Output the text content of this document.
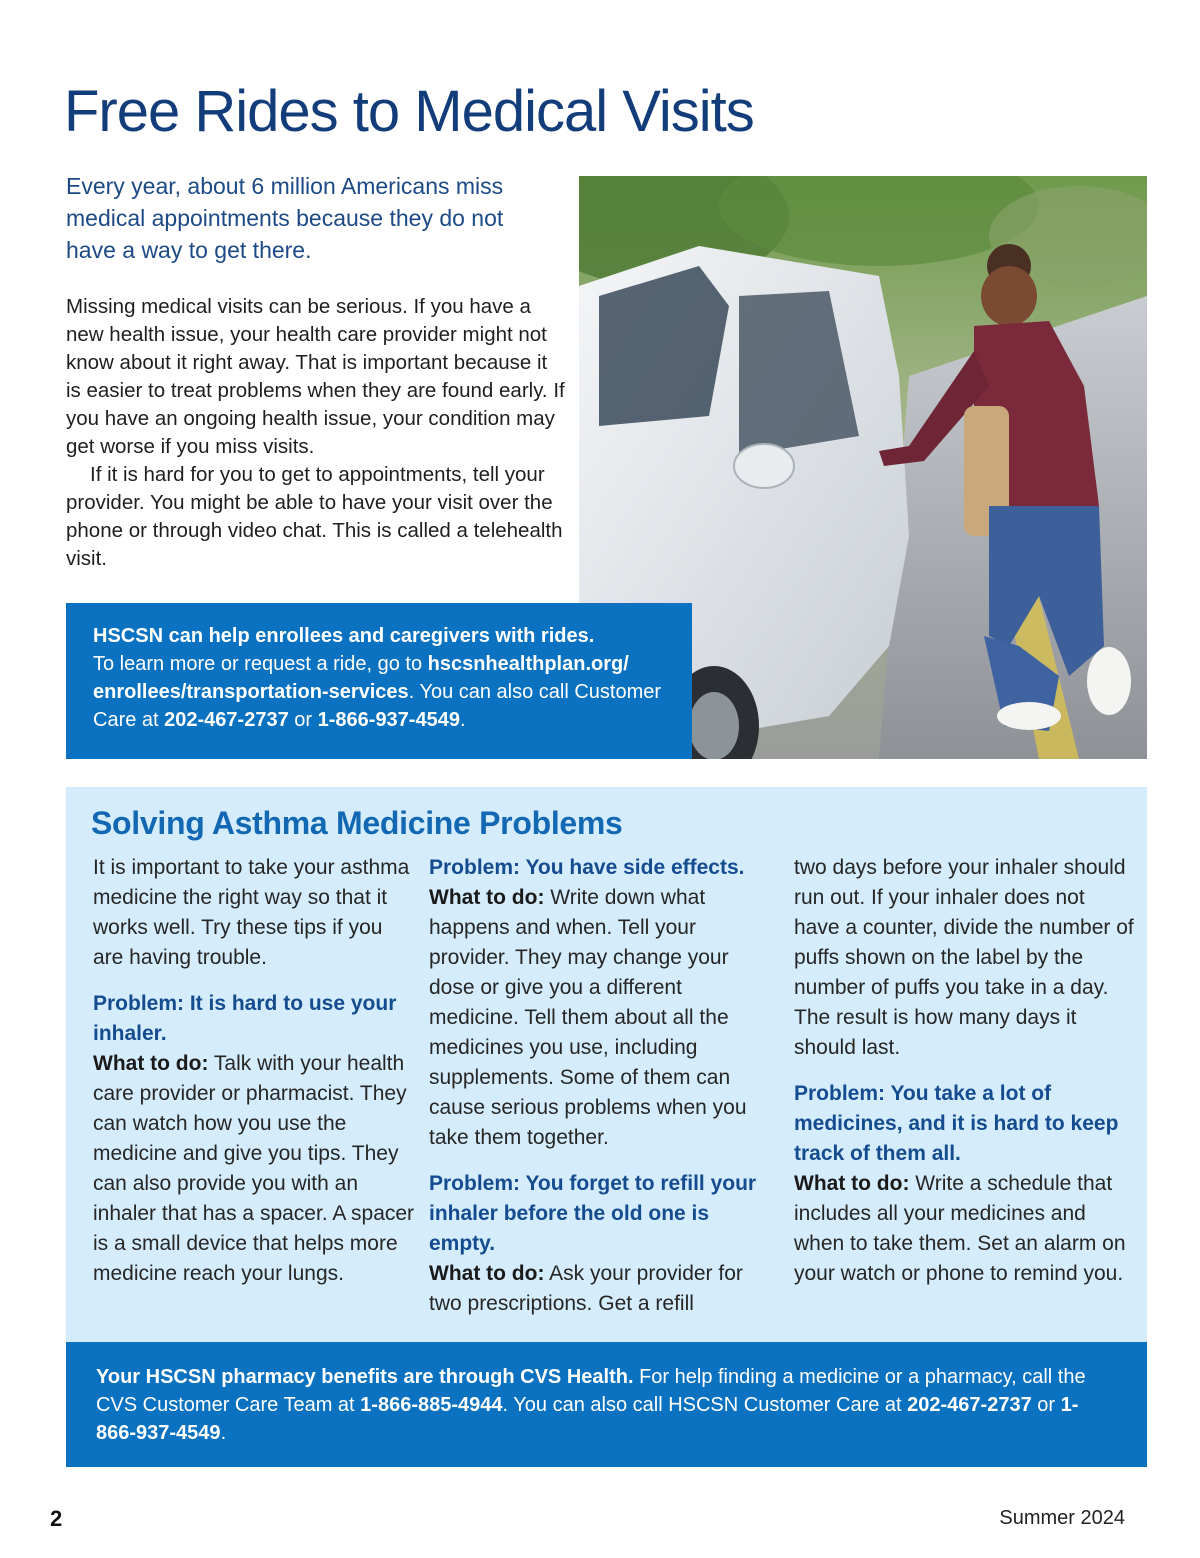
Free Rides to Medical Visits

Every year, about 6 million Americans miss medical appointments because they do not have a way to get there.

Missing medical visits can be serious. If you have a new health issue, your health care provider might not know about it right away. That is important because it is easier to treat problems when they are found early. If you have an ongoing health issue, your condition may get worse if you miss visits.

If it is hard for you to get to appointments, tell your provider. You might be able to have your visit over the phone or through video chat. This is called a telehealth visit.

HSCSN can help enrollees and caregivers with rides.
To learn more or request a ride, go to hscsnhealthplan.org/ enrollees/transportation-services. You can also call Customer Care at 202-467-2737 or 1-866-937-4549.
Solving Asthma Medicine Problems

It is important to take your asthma medicine the right way so that it works well. Try these tips if you are having trouble.

Problem: It is hard to use your inhaler.

What to do: Talk with your health care provider or pharmacist. They can watch how you use the medicine and give you tips. They can also provide you with an inhaler that has a spacer. A spacer is a small device that helps more medicine reach your lungs.

Problem: You have side effects.

What to do: Write down what happens and when. Tell your provider. They may change your dose or give you a different medicine. Tell them about all the medicines you use, including supplements. Some of them can cause serious problems when you take them together.

Problem: You forget to refill your inhaler before the old one is empty.

What to do: Ask your provider for two prescriptions. Get a refill

two days before your inhaler should run out. If your inhaler does not have a counter, divide the number of puffs shown on the label by the number of puffs you take in a day. The result is how many days it should last.

Problem: You take a lot of medicines, and it is hard to keep track of them all.

What to do: Write a schedule that includes all your medicines and when to take them. Set an alarm on your watch or phone to remind you.

Your HSCSN pharmacy benefits are through CVS Health. For help finding a medicine or a pharmacy, call the CVS Customer Care Team at 1-866-885-4944. You can also call HSCSN Customer Care at 202-467-2737 or 1-866-937-4549.
2	Summer 2024
